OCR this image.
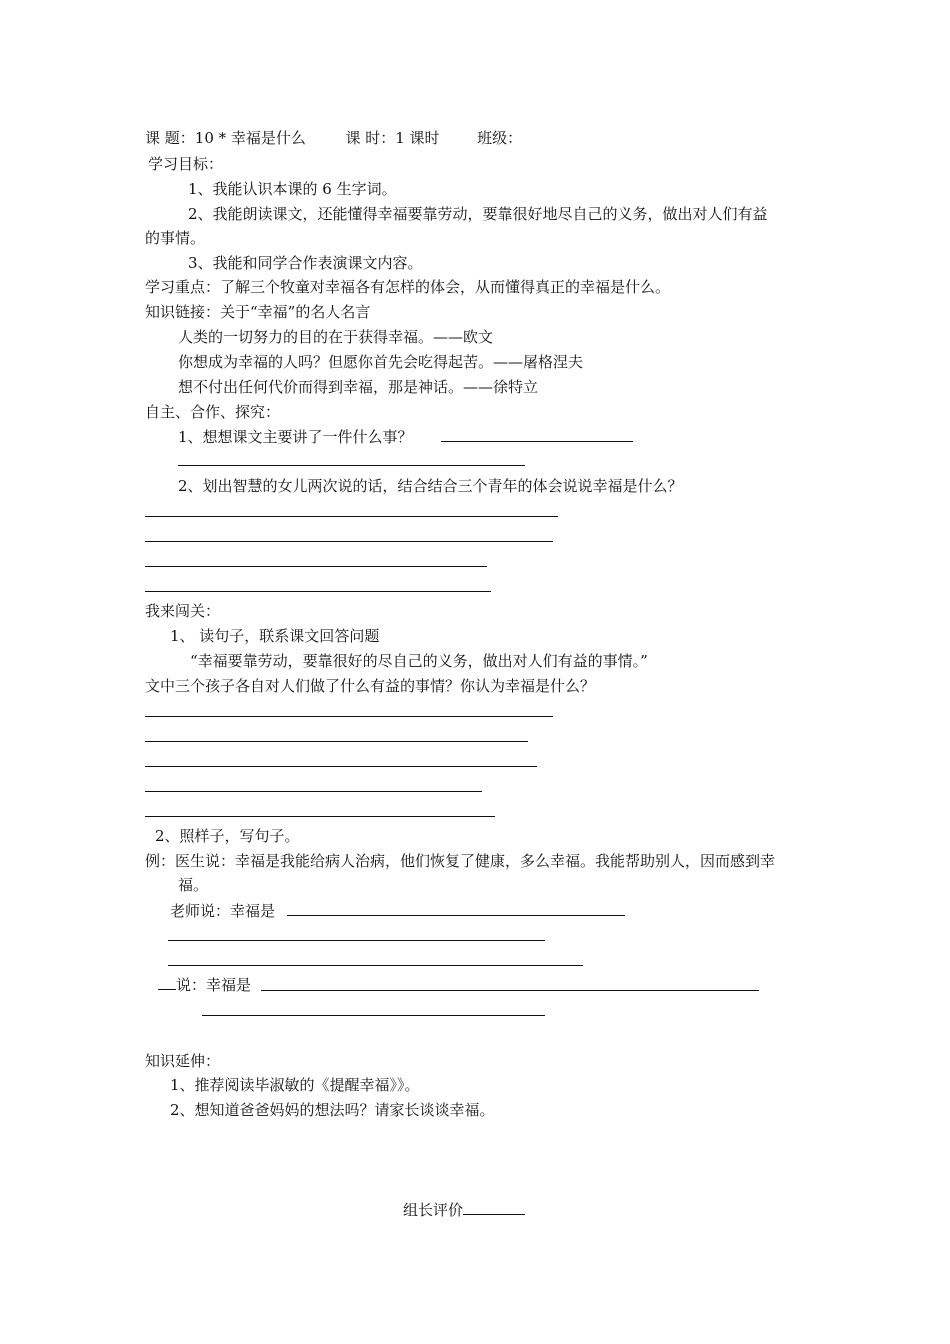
课 题：10 * 幸福是什么	课 时：1 课时	班级：
学习目标：
1、我能认识本课的 6 生字词。
2、我能朗读课文，还能懂得幸福要靠劳动，要靠很好地尽自己的义务，做出对人们有益
的事情。
3、我能和同学合作表演课文内容。
学习重点：了解三个牧童对幸福各有怎样的体会，从而懂得真正的幸福是什么。
知识链接：关于“幸福”的名人名言
人类的一切努力的目的在于获得幸福。——欧文
你想成为幸福的人吗？但愿你首先会吃得起苦。——屠格涅夫
想不付出任何代价而得到幸福，那是神话。——徐特立
自主、合作、探究：
1、想想课文主要讲了一件什么事？
2、划出智慧的女儿两次说的话，结合结合三个青年的体会说说幸福是什么？
我来闯关：
1、 读句子，联系课文回答问题
“幸福要靠劳动，要靠很好的尽自己的义务，做出对人们有益的事情。”
文中三个孩子各自对人们做了什么有益的事情？你认为幸福是什么？
2、照样子，写句子。
例：医生说：幸福是我能给病人治病，他们恢复了健康，多么幸福。我能帮助别人，因而感到幸
福。
老师说：幸福是
说：幸福是
知识延伸：
1、推荐阅读毕淑敏的《提醒幸福》》。
2、想知道爸爸妈妈的想法吗？请家长谈谈幸福。
组长评价
